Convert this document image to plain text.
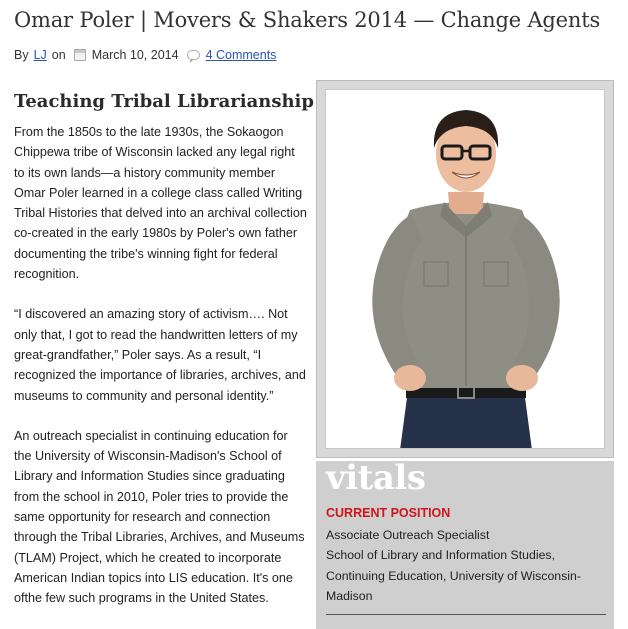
Omar Poler | Movers & Shakers 2014 — Change Agents
By LJ on March 10, 2014 4 Comments
Teaching Tribal Librarianship

From the 1850s to the late 1930s, the Sokaogon Chippewa tribe of Wisconsin lacked any legal right to its own lands—a history community member Omar Poler learned in a college class called Writing Tribal Histories that delved into an archival collection co-created in the early 1980s by Poler's own father documenting the tribe's winning fight for federal recognition.

“I discovered an amazing story of activism…. Not only that, I got to read the handwritten letters of my great-grandfather,” Poler says. As a result, “I recognized the importance of libraries, archives, and museums to community and personal identity.”

An outreach specialist in continuing education for the University of Wisconsin-Madison's School of Library and Information Studies since graduating from the school in 2010, Poler tries to provide the same opportunity for research and connection through the Tribal Libraries, Archives, and Museums (TLAM) Project, which he created to incorporate American Indian topics into LIS education. It's one ofthe few such programs in the United States.

vitals
CURRENT POSITION
Associate Outreach Specialist
School of Library and Information Studies,
Continuing Education, University of Wisconsin-
Madison
